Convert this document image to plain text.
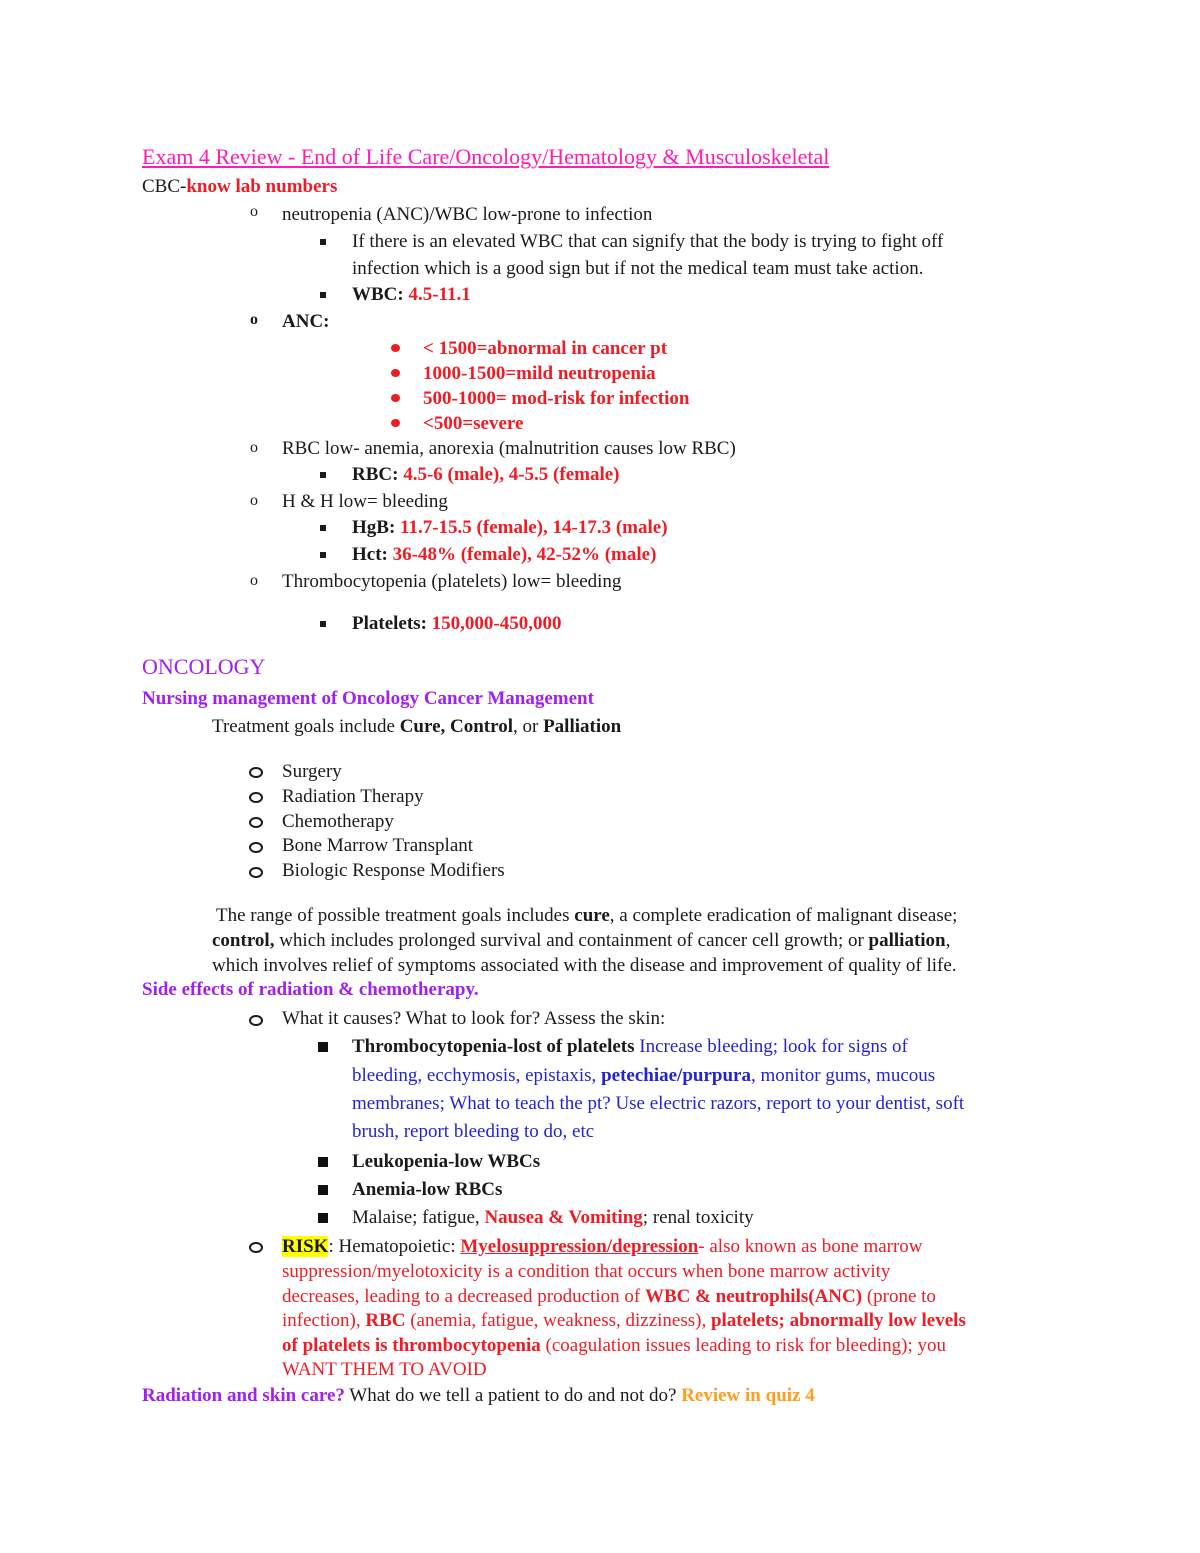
Exam 4 Review - End of Life Care/Oncology/Hematology & Musculoskeletal
CBC-know lab numbers
o neutropenia (ANC)/WBC low-prone to infection
If there is an elevated WBC that can signify that the body is trying to fight off
infection which is a good sign but if not the medical team must take action.
WBC: 4.5-11.1
o ANC:
< 1500=abnormal in cancer pt
1000-1500=mild neutropenia
500-1000= mod-risk for infection
<500=severe
o RBC low- anemia, anorexia (malnutrition causes low RBC)
RBC: 4.5-6 (male), 4-5.5 (female)
o H & H low= bleeding
HgB: 11.7-15.5 (female), 14-17.3 (male)
Hct: 36-48% (female), 42-52% (male)
o Thrombocytopenia (platelets) low= bleeding
Platelets: 150,000-450,000
ONCOLOGY
Nursing management of Oncology Cancer Management
Treatment goals include Cure, Control, or Palliation
Surgery
Radiation Therapy
Chemotherapy
Bone Marrow Transplant
Biologic Response Modifiers
The range of possible treatment goals includes cure, a complete eradication of malignant disease;
control, which includes prolonged survival and containment of cancer cell growth; or palliation,
which involves relief of symptoms associated with the disease and improvement of quality of life.
Side effects of radiation & chemotherapy.
What it causes? What to look for? Assess the skin:
Thrombocytopenia-lost of platelets Increase bleeding; look for signs of
bleeding, ecchymosis, epistaxis, petechiae/purpura, monitor gums, mucous
membranes; What to teach the pt? Use electric razors, report to your dentist, soft
brush, report bleeding to do, etc
Leukopenia-low WBCs
Anemia-low RBCs
Malaise; fatigue, Nausea & Vomiting; renal toxicity
RISK: Hematopoietic: Myelosuppression/depression- also known as bone marrow
suppression/myelotoxicity is a condition that occurs when bone marrow activity
decreases, leading to a decreased production of WBC & neutrophils(ANC) (prone to
infection), RBC (anemia, fatigue, weakness, dizziness), platelets; abnormally low levels
of platelets is thrombocytopenia (coagulation issues leading to risk for bleeding); you
WANT THEM TO AVOID
Radiation and skin care? What do we tell a patient to do and not do? Review in quiz 4
